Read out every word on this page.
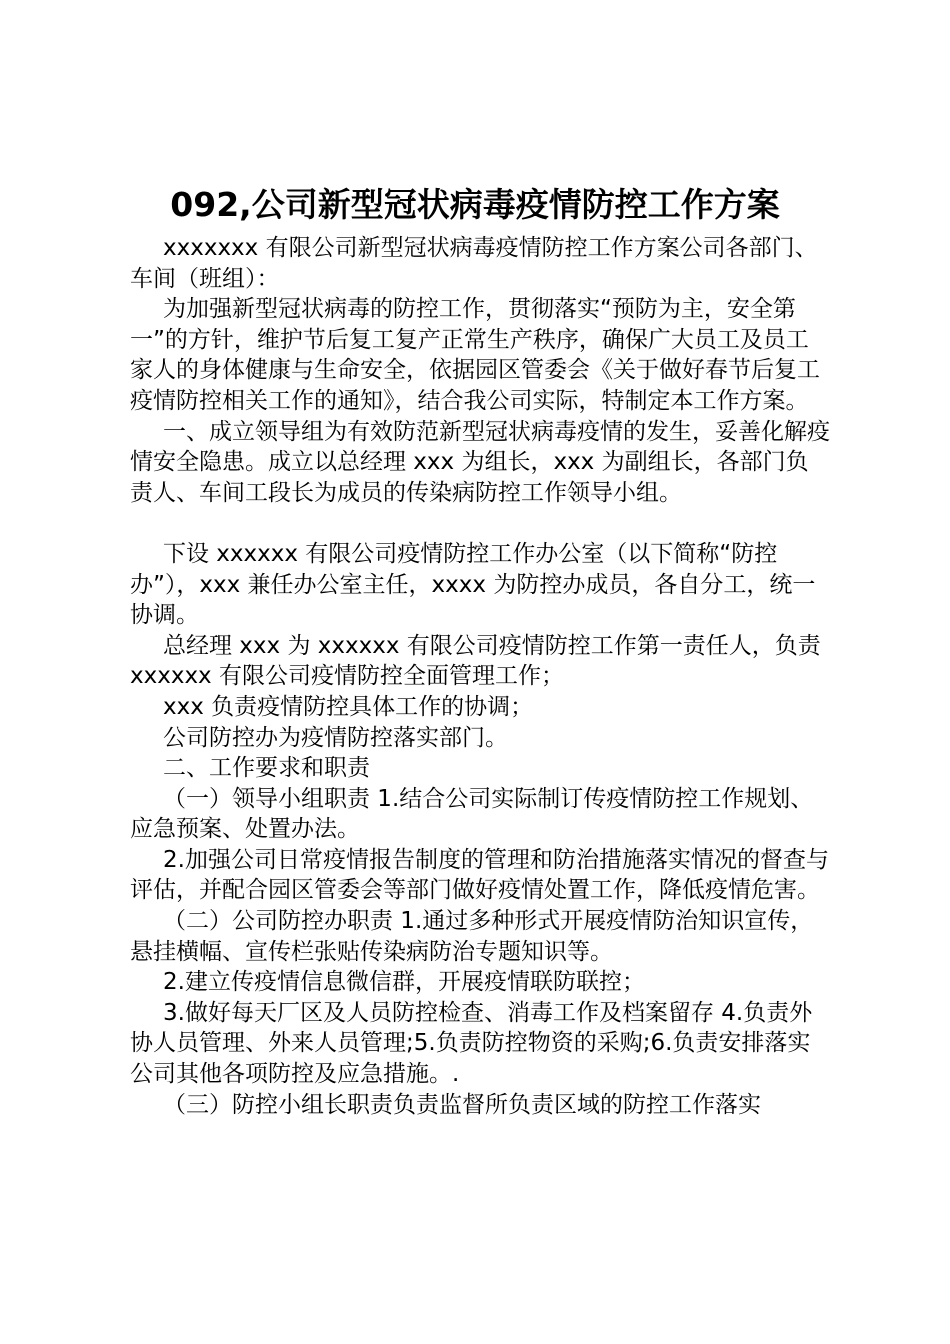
092,公司新型冠状病毒疫情防控工作方案

xxxxxxx 有限公司新型冠状病毒疫情防控工作方案公司各部门、车间（班组）：

为加强新型冠状病毒的防控工作，贯彻落实“预防为主，安全第一”的方针，维护节后复工复产正常生产秩序，确保广大员工及员工家人的身体健康与生命安全，依据园区管委会《关于做好春节后复工疫情防控相关工作的通知》，结合我公司实际，特制定本工作方案。

一、成立领导组为有效防范新型冠状病毒疫情的发生，妥善化解疫情安全隐患。成立以总经理 xxx 为组长，xxx 为副组长，各部门负责人、车间工段长为成员的传染病防控工作领导小组。

下设 xxxxxx 有限公司疫情防控工作办公室（以下简称“防控办”），xxx 兼任办公室主任，xxxx 为防控办成员，各自分工，统一协调。

总经理 xxx 为 xxxxxx 有限公司疫情防控工作第一责任人，负责 xxxxxx 有限公司疫情防控全面管理工作；

xxx 负责疫情防控具体工作的协调；

公司防控办为疫情防控落实部门。

二、工作要求和职责

（一）领导小组职责 1.结合公司实际制订传疫情防控工作规划、应急预案、处置办法。

2.加强公司日常疫情报告制度的管理和防治措施落实情况的督查与评估，并配合园区管委会等部门做好疫情处置工作，降低疫情危害。

（二）公司防控办职责 1.通过多种形式开展疫情防治知识宣传，悬挂横幅、宣传栏张贴传染病防治专题知识等。

2.建立传疫情信息微信群，开展疫情联防联控；

3.做好每天厂区及人员防控检查、消毒工作及档案留存 4.负责外协人员管理、外来人员管理;5.负责防控物资的采购;6.负责安排落实公司其他各项防控及应急措施。.

（三）防控小组长职责负责监督所负责区域的防控工作落实
